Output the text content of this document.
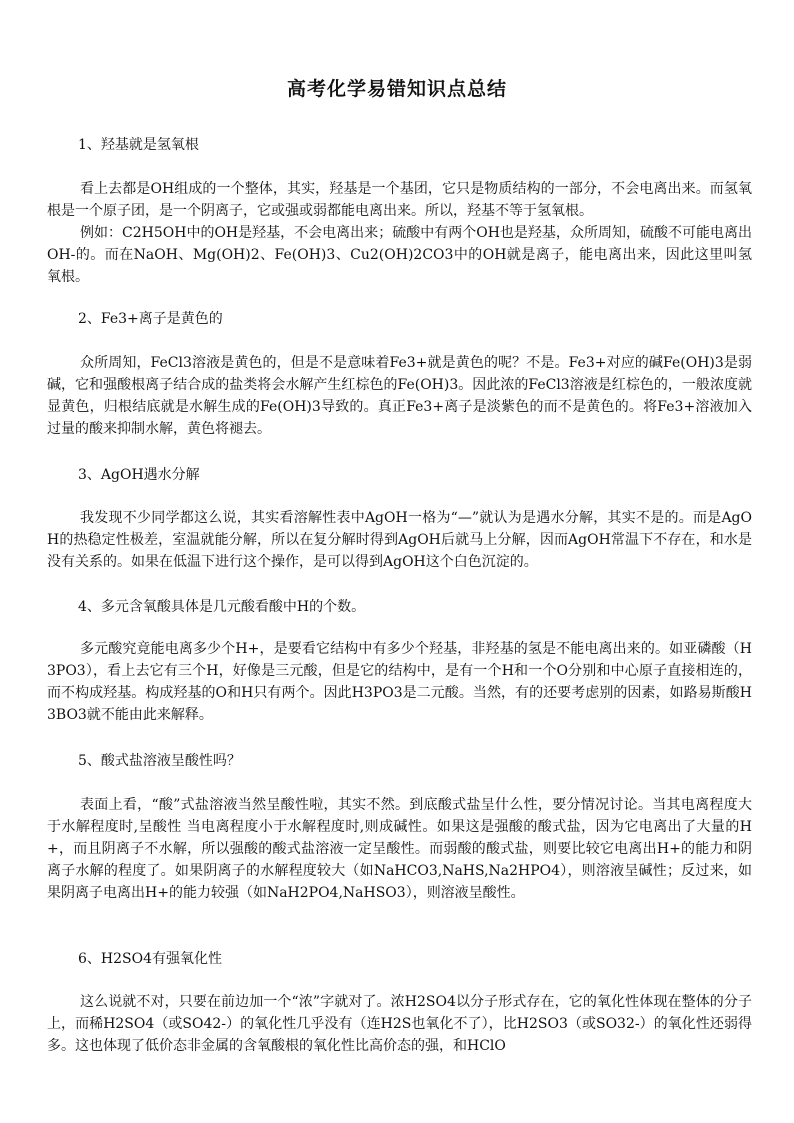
高考化学易错知识点总结
1、羟基就是氢氧根
看上去都是OH组成的一个整体，其实，羟基是一个基团，它只是物质结构的一部分，不会电离出来。而氢氧根是一个原子团，是一个阴离子，它或强或弱都能电离出来。所以，羟基不等于氢氧根。
例如：C2H5OH中的OH是羟基，不会电离出来；硫酸中有两个OH也是羟基，众所周知，硫酸不可能电离出OH-的。而在NaOH、Mg(OH)2、Fe(OH)3、Cu2(OH)2CO3中的OH就是离子，能电离出来，因此这里叫氢氧根。
2、Fe3+离子是黄色的
众所周知，FeCl3溶液是黄色的，但是不是意味着Fe3+就是黄色的呢？不是。Fe3+对应的碱Fe(OH)3是弱碱，它和强酸根离子结合成的盐类将会水解产生红棕色的Fe(OH)3。因此浓的FeCl3溶液是红棕色的，一般浓度就显黄色，归根结底就是水解生成的Fe(OH)3导致的。真正Fe3+离子是淡紫色的而不是黄色的。将Fe3+溶液加入过量的酸来抑制水解，黄色将褪去。
3、AgOH遇水分解
我发现不少同学都这么说，其实看溶解性表中AgOH一格为“—”就认为是遇水分解，其实不是的。而是AgOH的热稳定性极差，室温就能分解，所以在复分解时得到AgOH后就马上分解，因而AgOH常温下不存在，和水是没有关系的。如果在低温下进行这个操作，是可以得到AgOH这个白色沉淀的。
4、多元含氧酸具体是几元酸看酸中H的个数。
多元酸究竟能电离多少个H+，是要看它结构中有多少个羟基，非羟基的氢是不能电离出来的。如亚磷酸（H3PO3），看上去它有三个H，好像是三元酸，但是它的结构中，是有一个H和一个O分别和中心原子直接相连的，而不构成羟基。构成羟基的O和H只有两个。因此H3PO3是二元酸。当然，有的还要考虑别的因素，如路易斯酸H3BO3就不能由此来解释。
5、酸式盐溶液呈酸性吗？
表面上看，“酸”式盐溶液当然呈酸性啦，其实不然。到底酸式盐呈什么性，要分情况讨论。当其电离程度大于水解程度时,呈酸性 当电离程度小于水解程度时,则成碱性。如果这是强酸的酸式盐，因为它电离出了大量的H+，而且阴离子不水解，所以强酸的酸式盐溶液一定呈酸性。而弱酸的酸式盐，则要比较它电离出H+的能力和阴离子水解的程度了。如果阴离子的水解程度较大（如NaHCO3,NaHS,Na2HPO4），则溶液呈碱性；反过来，如果阴离子电离出H+的能力较强（如NaH2PO4,NaHSO3），则溶液呈酸性。
6、H2SO4有强氧化性
这么说就不对，只要在前边加一个“浓”字就对了。浓H2SO4以分子形式存在，它的氧化性体现在整体的分子上，而稀H2SO4（或SO42-）的氧化性几乎没有（连H2S也氧化不了），比H2SO3（或SO32-）的氧化性还弱得多。这也体现了低价态非金属的含氧酸根的氧化性比高价态的强，和HClO
